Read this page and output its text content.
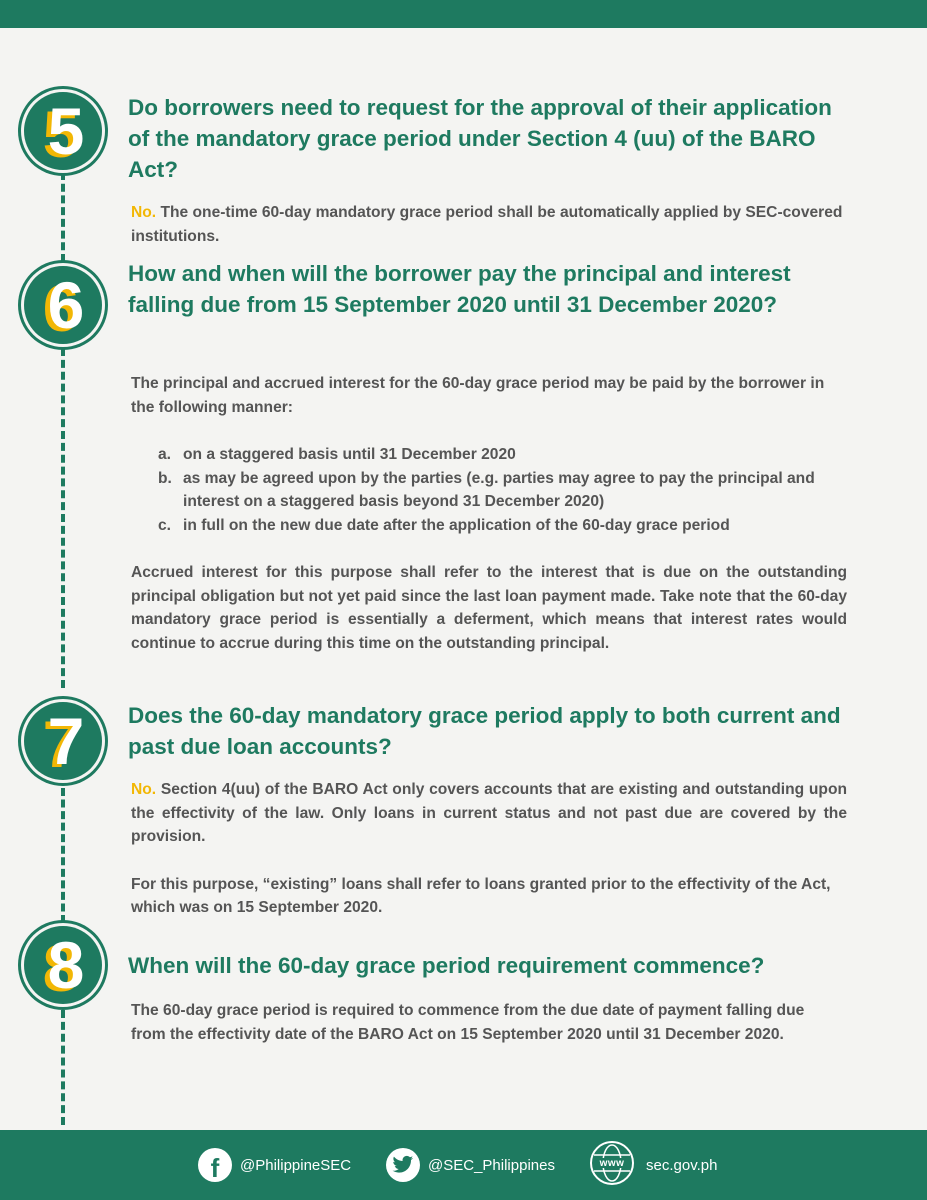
5 Do borrowers need to request for the approval of their application of the mandatory grace period under Section 4 (uu) of the BARO Act?

No. The one-time 60-day mandatory grace period shall be automatically applied by SEC-covered institutions.

6 How and when will the borrower pay the principal and interest falling due from 15 September 2020 until 31 December 2020?

The principal and accrued interest for the 60-day grace period may be paid by the borrower in the following manner:

a. on a staggered basis until 31 December 2020
b. as may be agreed upon by the parties (e.g. parties may agree to pay the principal and interest on a staggered basis beyond 31 December 2020)
c. in full on the new due date after the application of the 60-day grace period

Accrued interest for this purpose shall refer to the interest that is due on the outstanding principal obligation but not yet paid since the last loan payment made. Take note that the 60-day mandatory grace period is essentially a deferment, which means that interest rates would continue to accrue during this time on the outstanding principal.

7 Does the 60-day mandatory grace period apply to both current and past due loan accounts?

No. Section 4(uu) of the BARO Act only covers accounts that are existing and outstanding upon the effectivity of the law. Only loans in current status and not past due are covered by the provision.

For this purpose, “existing” loans shall refer to loans granted prior to the effectivity of the Act, which was on 15 September 2020.

8 When will the 60-day grace period requirement commence?

The 60-day grace period is required to commence from the due date of payment falling due from the effectivity date of the BARO Act on 15 September 2020 until 31 December 2020.

f @PhilippineSEC	@SEC_Philippines	www sec.gov.ph
